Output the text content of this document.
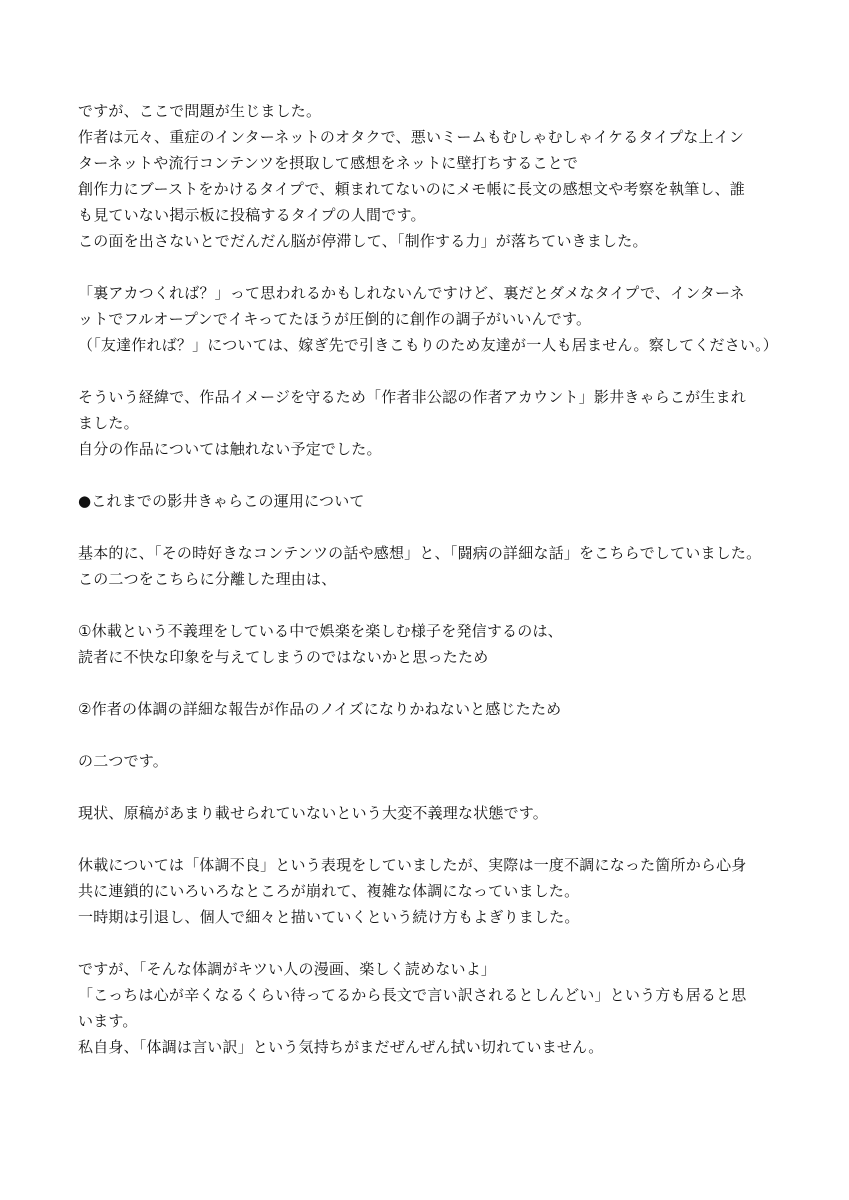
ですが、ここで問題が生じました。
作者は元々、重症のインターネットのオタクで、悪いミームもむしゃむしゃイケるタイプな上イン
ターネットや流行コンテンツを摂取して感想をネットに壁打ちすることで
創作力にブーストをかけるタイプで、頼まれてないのにメモ帳に長文の感想文や考察を執筆し、誰
も見ていない掲示板に投稿するタイプの人間です。
この面を出さないとでだんだん脳が停滞して、「制作する力」が落ちていきました。
「裏アカつくれば？」って思われるかもしれないんですけど、裏だとダメなタイプで、インターネ
ットでフルオープンでイキってたほうが圧倒的に創作の調子がいいんです。
（「友達作れば？」については、嫁ぎ先で引きこもりのため友達が一人も居ません。察してください。）
そういう経緯で、作品イメージを守るため「作者非公認の作者アカウント」影井きゃらこが生まれ
ました。
自分の作品については触れない予定でした。
●これまでの影井きゃらこの運用について
基本的に、「その時好きなコンテンツの話や感想」と、「闘病の詳細な話」をこちらでしていました。
この二つをこちらに分離した理由は、
①休載という不義理をしている中で娯楽を楽しむ様子を発信するのは、
読者に不快な印象を与えてしまうのではないかと思ったため
②作者の体調の詳細な報告が作品のノイズになりかねないと感じたため
の二つです。
現状、原稿があまり載せられていないという大変不義理な状態です。
休載については「体調不良」という表現をしていましたが、実際は一度不調になった箇所から心身
共に連鎖的にいろいろなところが崩れて、複雑な体調になっていました。
一時期は引退し、個人で細々と描いていくという続け方もよぎりました。
ですが、「そんな体調がキツい人の漫画、楽しく読めないよ」
「こっちは心が辛くなるくらい待ってるから長文で言い訳されるとしんどい」という方も居ると思
います。
私自身、「体調は言い訳」という気持ちがまだぜんぜん拭い切れていません。
